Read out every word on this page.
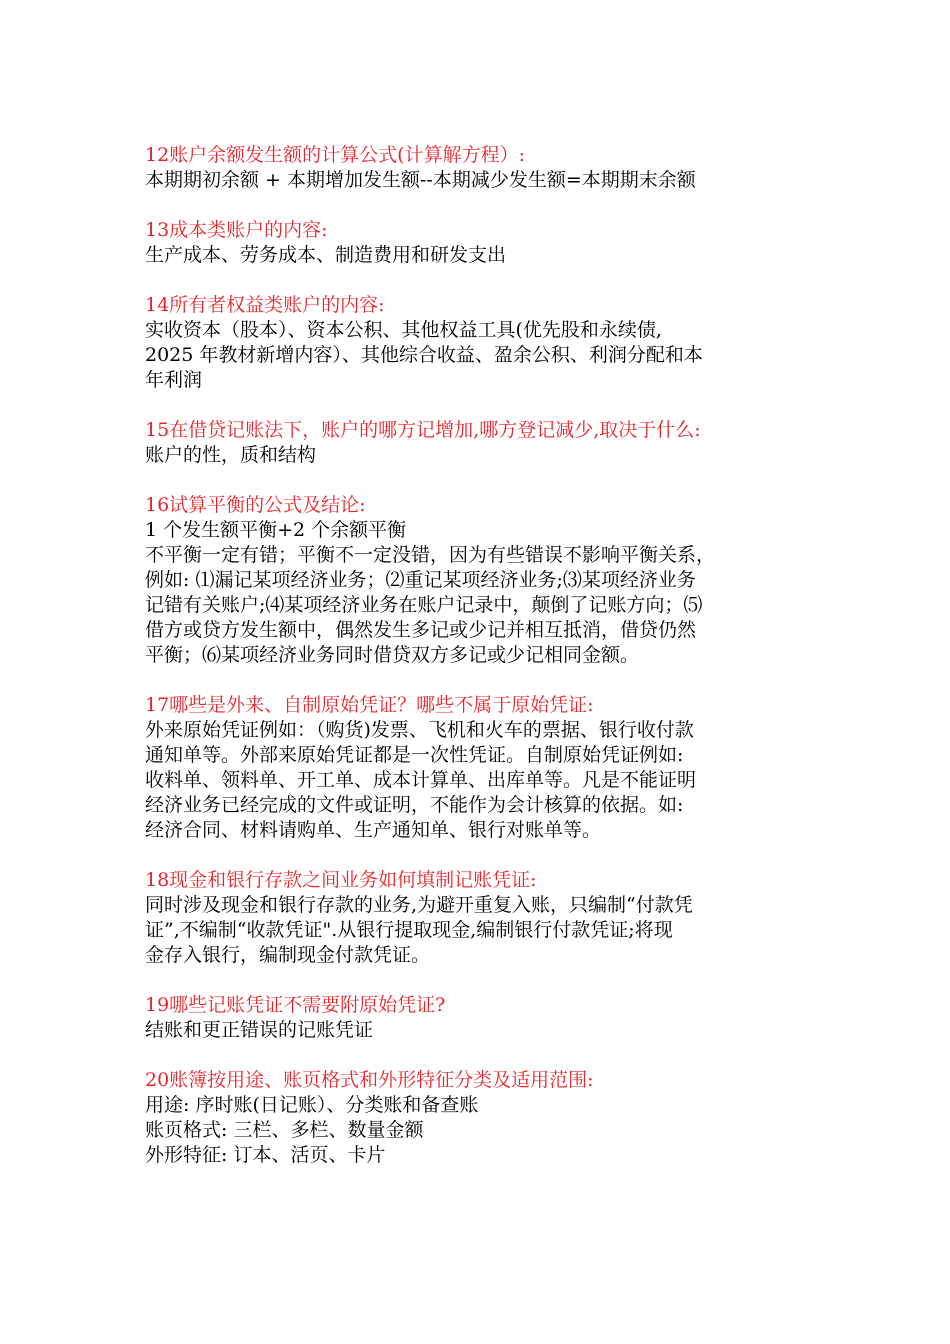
12账户余额发生额的计算公式(计算解方程）:
本期期初余额 + 本期增加发生额--本期减少发生额=本期期末余额
13成本类账户的内容:
生产成本、劳务成本、制造费用和研发支出
14所有者权益类账户的内容:
实收资本（股本）、资本公积、其他权益工具(优先股和永续债,
2025 年教材新增内容）、其他综合收益、盈余公积、利润分配和本
年利润
15在借贷记账法下，账户的哪方记增加,哪方登记减少,取决于什么:
账户的性，质和结构
16试算平衡的公式及结论:
1 个发生额平衡+2 个余额平衡
不平衡一定有错；平衡不一定没错，因为有些错误不影响平衡关系，
例如: ⑴漏记某项经济业务；⑵重记某项经济业务;⑶某项经济业务
记错有关账户;⑷某项经济业务在账户记录中，颠倒了记账方向；⑸
借方或贷方发生额中，偶然发生多记或少记并相互抵消，借贷仍然
平衡；⑹某项经济业务同时借贷双方多记或少记相同金额。
17哪些是外来、自制原始凭证？哪些不属于原始凭证:
外来原始凭证例如：（购货)发票、飞机和火车的票据、银行收付款
通知单等。外部来原始凭证都是一次性凭证。自制原始凭证例如:
收料单、领料单、开工单、成本计算单、出库单等。凡是不能证明
经济业务已经完成的文件或证明，不能作为会计核算的依据。如:
经济合同、材料请购单、生产通知单、银行对账单等。
18现金和银行存款之间业务如何填制记账凭证:
同时涉及现金和银行存款的业务,为避开重复入账，只编制“付款凭
证”,不编制“收款凭证".从银行提取现金,编制银行付款凭证;将现
金存入银行，编制现金付款凭证。
19哪些记账凭证不需要附原始凭证?
结账和更正错误的记账凭证
20账簿按用途、账页格式和外形特征分类及适用范围:
用途: 序时账(日记账）、分类账和备查账
账页格式: 三栏、多栏、数量金额
外形特征: 订本、活页、卡片
